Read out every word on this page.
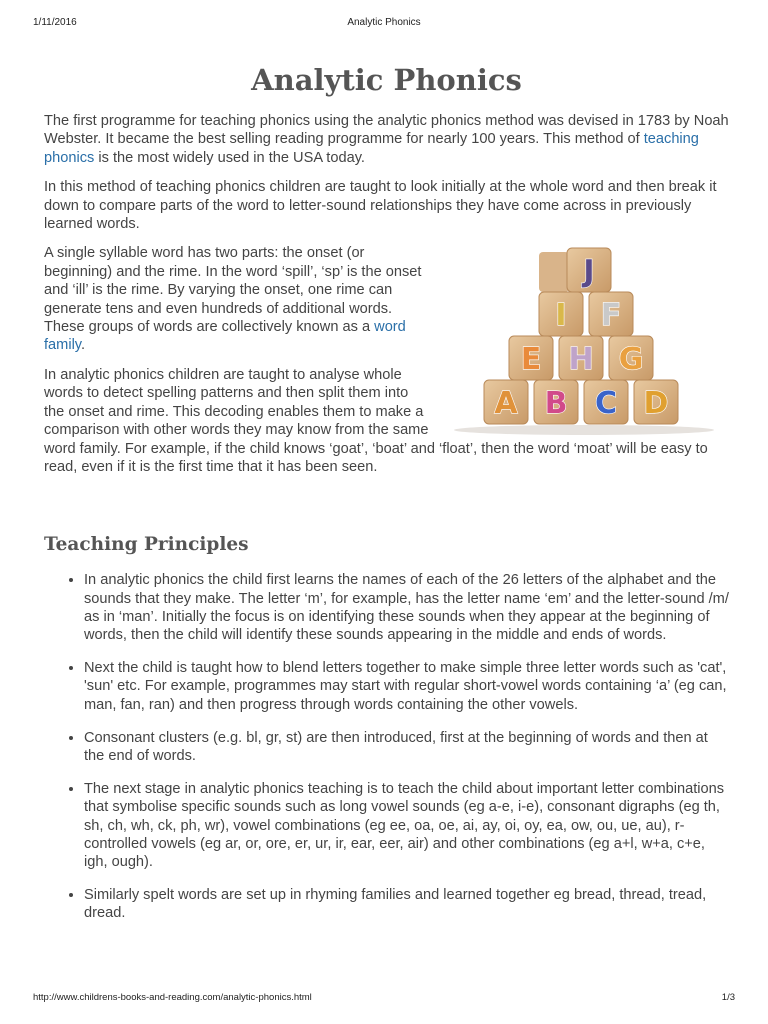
1/11/2016	Analytic Phonics
Analytic Phonics

The first programme for teaching phonics using the analytic phonics method was devised in 1783 by Noah Webster. It became the best selling reading programme for nearly 100 years. This method of teaching phonics is the most widely used in the USA today.

In this method of teaching phonics children are taught to look initially at the whole word and then break it down to compare parts of the word to letter-sound relationships they have come across in previously learned words.

J
I F
E H G
A B C D

A single syllable word has two parts: the onset (or beginning) and the rime. In the word ‘spill’, ‘sp’ is the onset and ‘ill’ is the rime. By varying the onset, one rime can generate tens and even hundreds of additional words. These groups of words are collectively known as a word family.

In analytic phonics children are taught to analyse whole words to detect spelling patterns and then split them into the onset and rime. This decoding enables them to make a comparison with other words they may know from the same word family. For example, if the child knows ‘goat’, ‘boat’ and ‘float’, then the word ‘moat’ will be easy to read, even if it is the first time that it has been seen.

Teaching Principles
• In analytic phonics the child first learns the names of each of the 26 letters of the alphabet and the sounds that they make. The letter ‘m’, for example, has the letter name ‘em’ and the letter-sound /m/ as in ‘man’. Initially the focus is on identifying these sounds when they appear at the beginning of words, then the child will identify these sounds appearing in the middle and ends of words.
• Next the child is taught how to blend letters together to make simple three letter words such as 'cat', 'sun' etc. For example, programmes may start with regular short-vowel words containing ‘a’ (eg can, man, fan, ran) and then progress through words containing the other vowels.
• Consonant clusters (e.g. bl, gr, st) are then introduced, first at the beginning of words and then at the end of words.
• The next stage in analytic phonics teaching is to teach the child about important letter combinations that symbolise specific sounds such as long vowel sounds (eg a-e, i-e), consonant digraphs (eg th, sh, ch, wh, ck, ph, wr), vowel combinations (eg ee, oa, oe, ai, ay, oi, oy, ea, ow, ou, ue, au), r-controlled vowels (eg ar, or, ore, er, ur, ir, ear, eer, air) and other combinations (eg a+l, w+a, c+e, igh, ough).
• Similarly spelt words are set up in rhyming families and learned together eg bread, thread, tread, dread.
http://www.childrens-books-and-reading.com/analytic-phonics.html	1/3
